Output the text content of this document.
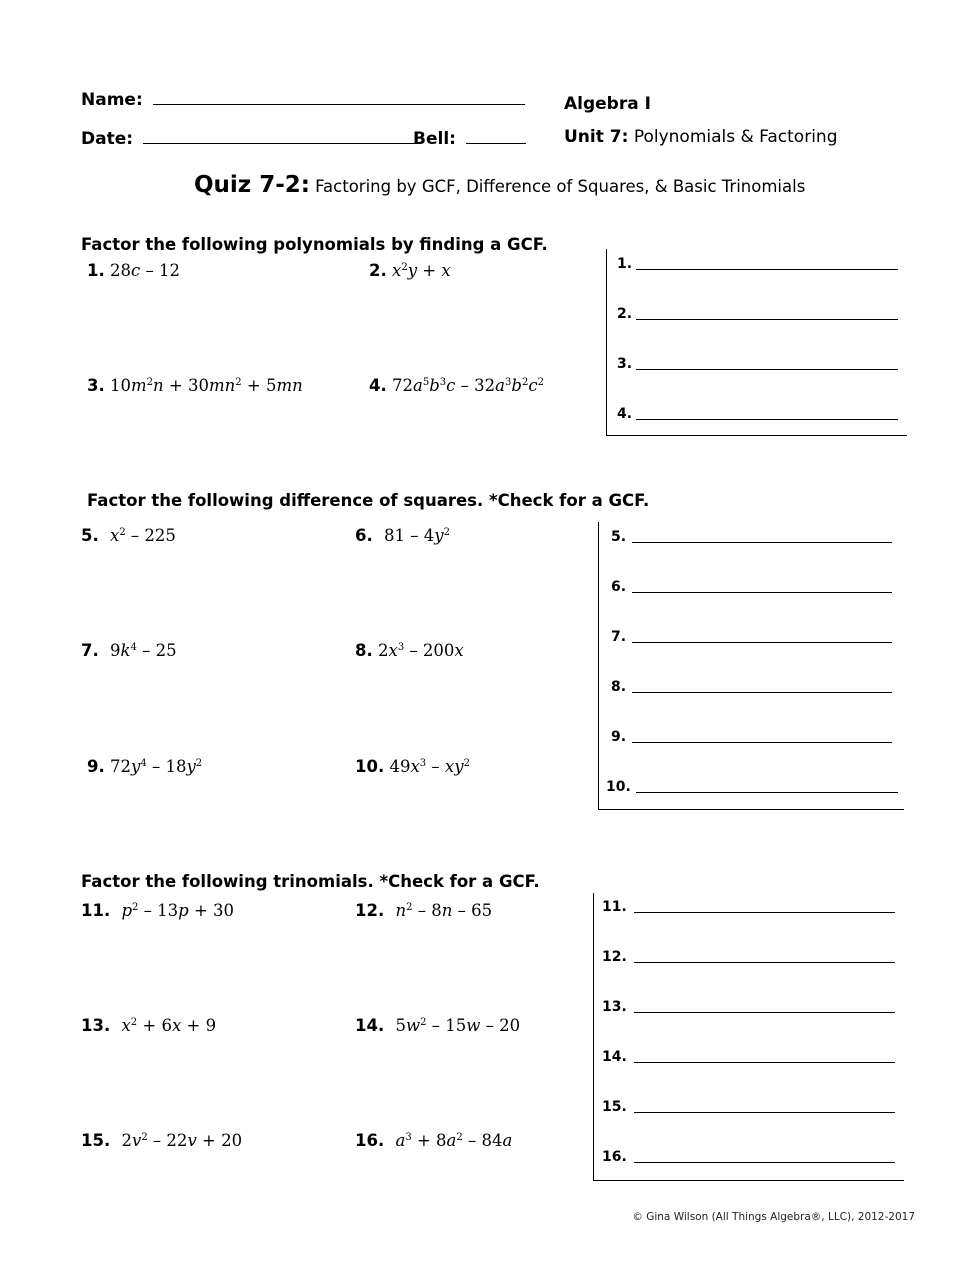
Name:
Date:	Bell:
Algebra I
Unit 7: Polynomials & Factoring
Quiz 7-2: Factoring by GCF, Difference of Squares, & Basic Trinomials
Factor the following polynomials by finding a GCF.
1. 28c – 12	2. $x^2y + x$
3. $10m^2n + 30mn^2 + 5mn$	4. $72a^5b^3c - 32a^3b^2c^2$
1.
2.
3.
4.
Factor the following difference of squares. *Check for a GCF.
5. $x^2 - 225$	6. $81 - 4y^2$
7. $9k^4 - 25$	8. $2x^3 - 200x$
9. $72y^4 - 18y^2$	10. $49x^3 - xy^2$
5.
6.
7.
8.
9.
10.
Factor the following trinomials. *Check for a GCF.
11. $p^2 - 13p + 30$	12. $n^2 - 8n - 65$
13. $x^2 + 6x + 9$	14. $5w^2 - 15w - 20$
15. $2v^2 - 22v + 20$	16. $a^3 + 8a^2 - 84a$
11.
12.
13.
14.
15.
16.
© Gina Wilson (All Things Algebra®, LLC), 2012-2017
